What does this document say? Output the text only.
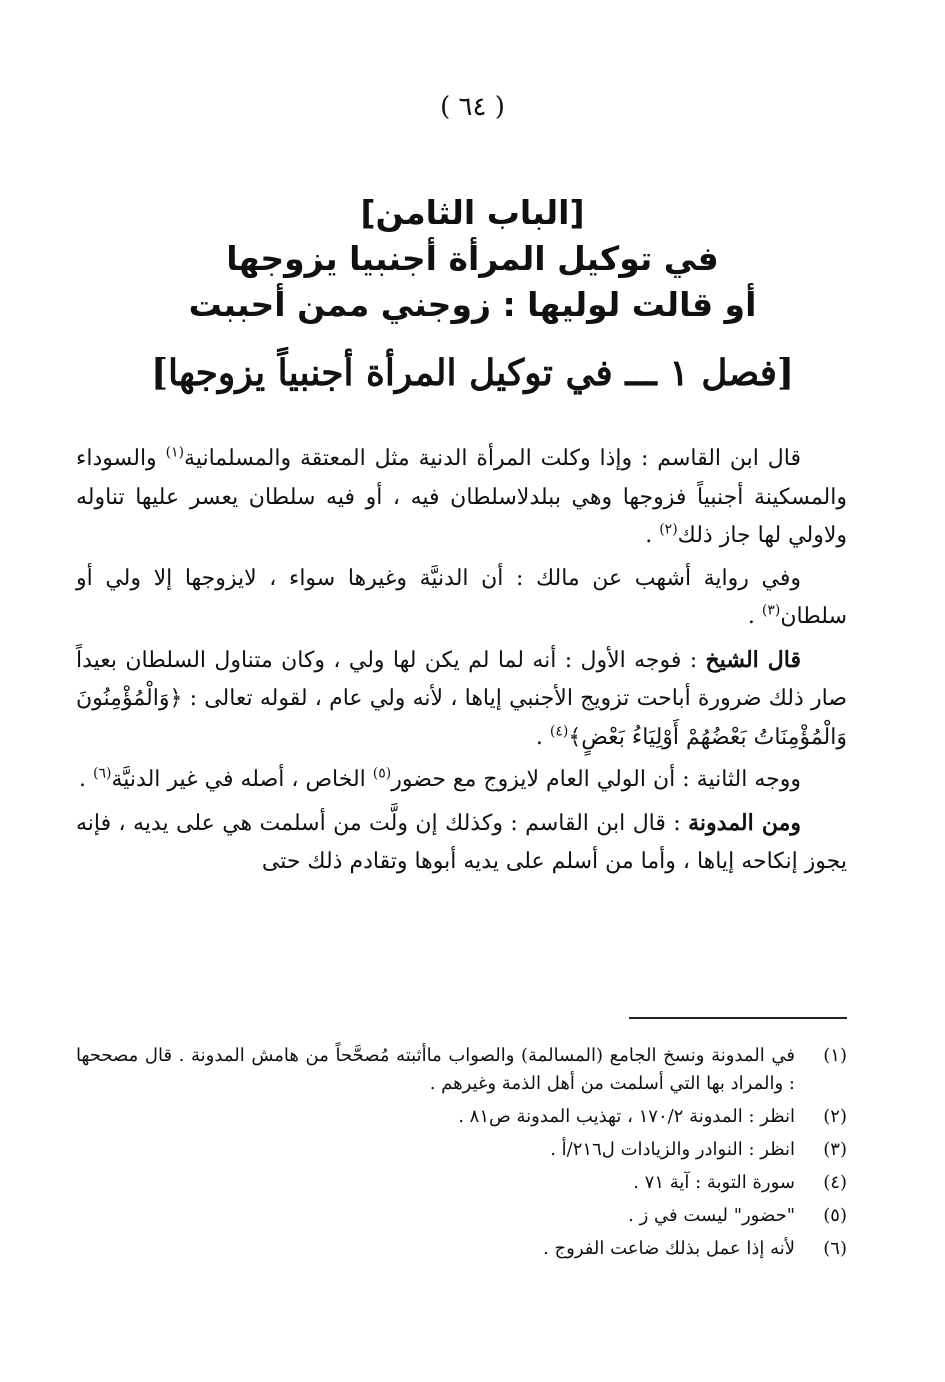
( ٦٤ )
[الباب الثامن]
في توكيل المرأة أجنبيا يزوجها
أو قالت لوليها : زوجني ممن أحببت
[فصل ١ ـــ في توكيل المرأة أجنبياً يزوجها]

قال ابن القاسم : وإذا وكلت المرأة الدنية مثل المعتقة والمسلمانية$^{(١)}$ والسوداء والمسكينة أجنبياً فزوجها وهي ببلدلاسلطان فيه ، أو فيه سلطان يعسر عليها تناوله ولاولي لها جاز ذلك$^{(٢)}$ .

وفي رواية أشهب عن مالك : أن الدنيَّة وغيرها سواء ، لايزوجها إلا ولي أو سلطان$^{(٣)}$ .

قال الشيخ : فوجه الأول : أنه لما لم يكن لها ولي ، وكان متناول السلطان بعيداً صار ذلك ضرورة أباحت تزويج الأجنبي إياها ، لأنه ولي عام ، لقوله تعالى : ﴿وَالْمُؤْمِنُونَ وَالْمُؤْمِنَاتُ بَعْضُهُمْ أَوْلِيَاءُ بَعْضٍ﴾$^{(٤)}$ .

ووجه الثانية : أن الولي العام لايزوج مع حضور$^{(٥)}$ الخاص ، أصله في غير الدنيَّة$^{(٦)}$ .

ومن المدونة : قال ابن القاسم : وكذلك إن ولَّت من أسلمت هي على يديه ، فإنه يجوز إنكاحه إياها ، وأما من أسلم على يديه أبوها وتقادم ذلك حتى

(١)
في المدونة ونسخ الجامع (المسالمة) والصواب ماأثبته مُصحَّحاً من هامش المدونة . قال مصححها : والمراد بها التي أسلمت من أهل الذمة وغيرهم .
(٢)
انظر : المدونة ١٧٠/٢ ، تهذيب المدونة ص٨١ .
(٣)
انظر : النوادر والزيادات ل٢١٦/أ .
(٤)
سورة التوبة : آية ٧١ .
(٥)
"حضور" ليست في ز .
(٦)
لأنه إذا عمل بذلك ضاعت الفروج .
